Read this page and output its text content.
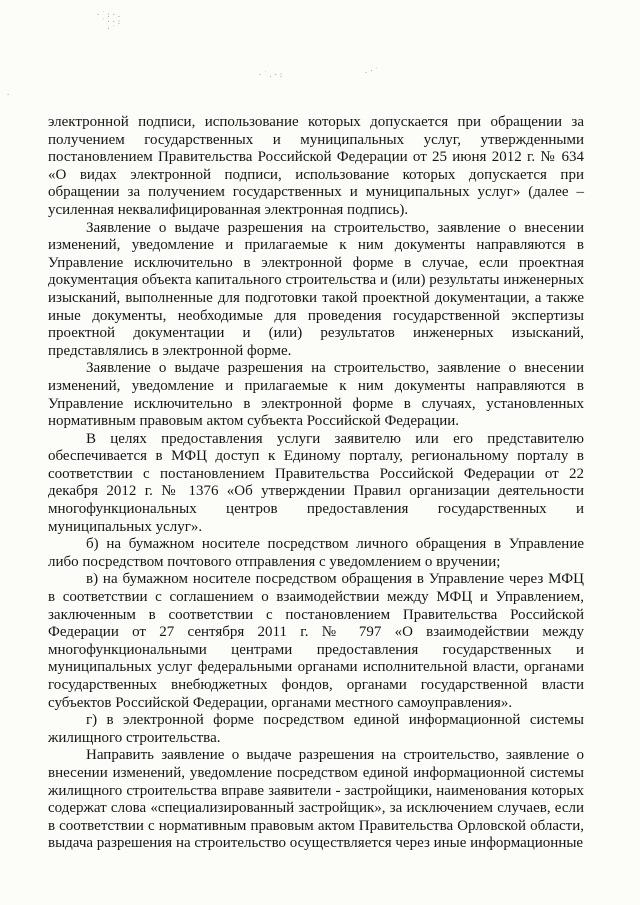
·˙:·.
˙··:
·˙
·˙.·:	.·˙
·

электронной подписи, использование которых допускается при обращении за получением государственных и муниципальных услуг, утвержденными постановлением Правительства Российской Федерации от 25 июня 2012 г. № 634 «О видах электронной подписи, использование которых допускается при обращении за получением государственных и муниципальных услуг» (далее – усиленная неквалифицированная электронная подпись).

Заявление о выдаче разрешения на строительство, заявление о внесении изменений, уведомление и прилагаемые к ним документы направляются в Управление исключительно в электронной форме в случае, если проектная документация объекта капитального строительства и (или) результаты инженерных изысканий, выполненные для подготовки такой проектной документации, а также иные документы, необходимые для проведения государственной экспертизы проектной документации и (или) результатов инженерных изысканий, представлялись в электронной форме.

Заявление о выдаче разрешения на строительство, заявление о внесении изменений, уведомление и прилагаемые к ним документы направляются в Управление исключительно в электронной форме в случаях, установленных нормативным правовым актом субъекта Российской Федерации.

В целях предоставления услуги заявителю или его представителю обеспечивается в МФЦ доступ к Единому порталу, региональному порталу в соответствии с постановлением Правительства Российской Федерации от 22 декабря 2012 г. № 1376 «Об утверждении Правил организации деятельности многофункциональных центров предоставления государственных и муниципальных услуг».

б) на бумажном носителе посредством личного обращения в Управление либо посредством почтового отправления с уведомлением о вручении;

в) на бумажном носителе посредством обращения в Управление через МФЦ в соответствии с соглашением о взаимодействии между МФЦ и Управлением, заключенным в соответствии с постановлением Правительства Российской Федерации от 27 сентября 2011 г. № 797 «О взаимодействии между многофункциональными центрами предоставления государственных и муниципальных услуг федеральными органами исполнительной власти, органами государственных внебюджетных фондов, органами государственной власти субъектов Российской Федерации, органами местного самоуправления».

г) в электронной форме посредством единой информационной системы жилищного строительства.

Направить заявление о выдаче разрешения на строительство, заявление о внесении изменений, уведомление посредством единой информационной системы жилищного строительства вправе заявители - застройщики, наименования которых содержат слова «специализированный застройщик», за исключением случаев, если в соответствии с нормативным правовым актом Правительства Орловской области, выдача разрешения на строительство осуществляется через иные информационные
